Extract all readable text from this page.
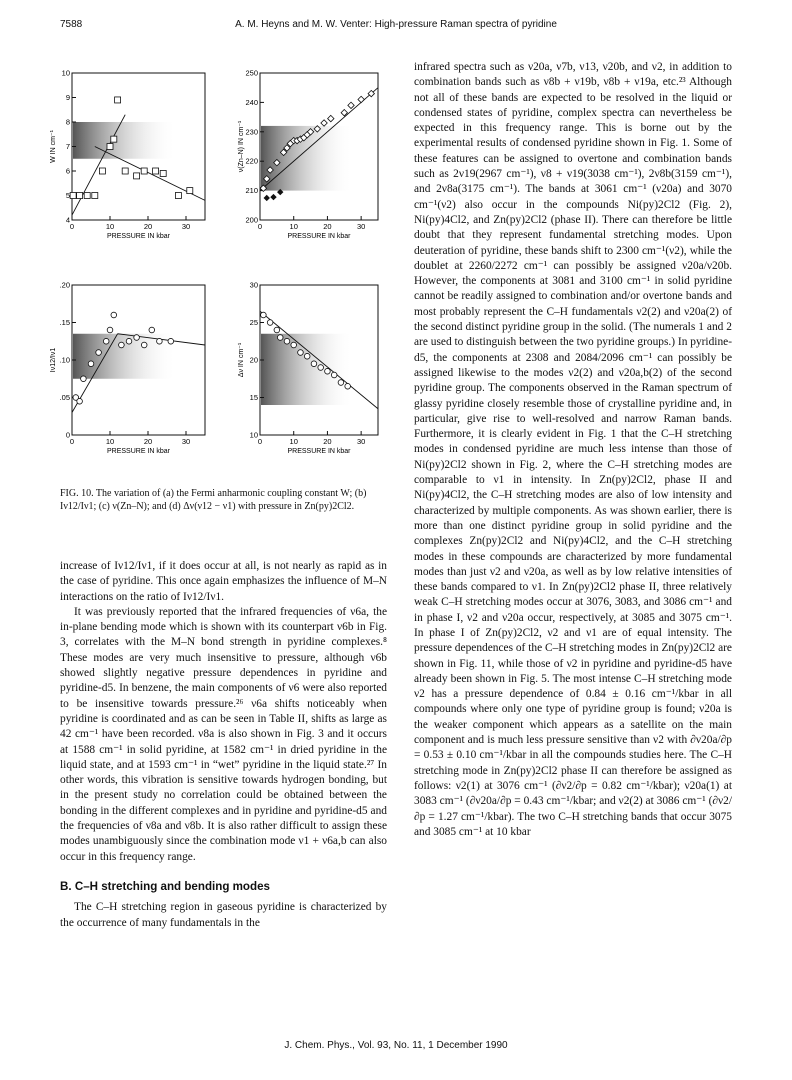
7588	A. M. Heyns and M. W. Venter: High-pressure Raman spectra of pyridine
0	10	20	30
4
5
6
7
8
9
10
PRESSURE IN kbar
W IN cm⁻¹
0	10	20	30
200
210
220
230
240
250
PRESSURE IN kbar
ν(Zn–N) IN cm⁻¹
0	10	20	30
0
.05
.10
.15
.20
PRESSURE IN kbar
Iν12/Iν1
0	10	20	30
10
15
20
25
30
PRESSURE IN kbar
Δν IN cm⁻¹

FIG. 10. The variation of (a) the Fermi anharmonic coupling constant W; (b) Iν12/Iν1; (c) ν(Zn–N); and (d) Δν(ν12 − ν1) with pressure in Zn(py)2Cl2.

increase of Iν12/Iν1, if it does occur at all, is not nearly as rapid as in the case of pyridine. This once again emphasizes the influence of M–N interactions on the ratio of Iν12/Iν1.

It was previously reported that the infrared frequencies of ν6a, the in-plane bending mode which is shown with its counterpart ν6b in Fig. 3, correlates with the M–N bond strength in pyridine complexes.⁸ These modes are very much insensitive to pressure, although ν6b showed slightly negative pressure dependences in pyridine and pyridine-d5. In benzene, the main components of ν6 were also reported to be insensitive towards pressure.²⁶ ν6a shifts noticeably when pyridine is coordinated and as can be seen in Table II, shifts as large as 42 cm⁻¹ have been recorded. ν8a is also shown in Fig. 3 and it occurs at 1588 cm⁻¹ in solid pyridine, at 1582 cm⁻¹ in dried pyridine in the liquid state, and at 1593 cm⁻¹ in “wet” pyridine in the liquid state.²⁷ In other words, this vibration is sensitive towards hydrogen bonding, but in the present study no correlation could be obtained between the bonding in the different complexes and in pyridine and pyridine-d5 and the frequencies of ν8a and ν8b. It is also rather difficult to assign these modes unambiguously since the combination mode ν1 + ν6a,b can also occur in this frequency range.

B. C–H stretching and bending modes

The C–H stretching region in gaseous pyridine is characterized by the occurrence of many fundamentals in the

infrared spectra such as ν20a, ν7b, ν13, ν20b, and ν2, in addition to combination bands such as ν8b + ν19b, ν8b + ν19a, etc.²³ Although not all of these bands are expected to be resolved in the liquid or condensed states of pyridine, complex spectra can nevertheless be expected in this frequency range. This is borne out by the experimental results of condensed pyridine shown in Fig. 1. Some of these features can be assigned to overtone and combination bands such as 2ν19(2967 cm⁻¹), ν8 + ν19(3038 cm⁻¹), 2ν8b(3159 cm⁻¹), and 2ν8a(3175 cm⁻¹). The bands at 3061 cm⁻¹ (ν20a) and 3070 cm⁻¹(ν2) also occur in the compounds Ni(py)2Cl2 (Fig. 2), Ni(py)4Cl2, and Zn(py)2Cl2 (phase II). There can therefore be little doubt that they represent fundamental stretching modes. Upon deuteration of pyridine, these bands shift to 2300 cm⁻¹(ν2), while the doublet at 2260/2272 cm⁻¹ can possibly be assigned ν20a/ν20b. However, the components at 3081 and 3100 cm⁻¹ in solid pyridine cannot be readily assigned to combination and/or overtone bands and most probably represent the C–H fundamentals ν2(2) and ν20a(2) of the second distinct pyridine group in the solid. (The numerals 1 and 2 are used to distinguish between the two pyridine groups.) In pyridine-d5, the components at 2308 and 2084/2096 cm⁻¹ can possibly be assigned likewise to the modes ν2(2) and ν20a,b(2) of the second pyridine group. The components observed in the Raman spectrum of glassy pyridine closely resemble those of crystalline pyridine and, in particular, give rise to well-resolved and narrow Raman bands. Furthermore, it is clearly evident in Fig. 1 that the C–H stretching modes in condensed pyridine are much less intense than those of Ni(py)2Cl2 shown in Fig. 2, where the C–H stretching modes are comparable to ν1 in intensity. In Zn(py)2Cl2, phase II and Ni(py)4Cl2, the C–H stretching modes are also of low intensity and characterized by multiple components. As was shown earlier, there is more than one distinct pyridine group in solid pyridine and the complexes Zn(py)2Cl2 and Ni(py)4Cl2, and the C–H stretching modes in these compounds are characterized by more fundamental modes than just ν2 and ν20a, as well as by low relative intensities of these bands compared to ν1. In Zn(py)2Cl2 phase II, three relatively weak C–H stretching modes occur at 3076, 3083, and 3086 cm⁻¹ and in phase I, ν2 and ν20a occur, respectively, at 3085 and 3075 cm⁻¹. In phase I of Zn(py)2Cl2, ν2 and ν1 are of equal intensity. The pressure dependences of the C–H stretching modes in Zn(py)2Cl2 are shown in Fig. 11, while those of ν2 in pyridine and pyridine-d5 have already been shown in Fig. 5. The most intense C–H stretching mode ν2 has a pressure dependence of 0.84 ± 0.16 cm⁻¹/kbar in all compounds where only one type of pyridine group is found; ν20a is the weaker component which appears as a satellite on the main component and is much less pressure sensitive than ν2 with ∂ν20a/∂p = 0.53 ± 0.10 cm⁻¹/kbar in all the compounds studies here. The C–H stretching mode in Zn(py)2Cl2 phase II can therefore be assigned as follows: ν2(1) at 3076 cm⁻¹ (∂ν2/∂p = 0.82 cm⁻¹/kbar); ν20a(1) at 3083 cm⁻¹ (∂ν20a/∂p = 0.43 cm⁻¹/kbar; and ν2(2) at 3086 cm⁻¹ (∂ν2/∂p = 1.27 cm⁻¹/kbar). The two C–H stretching bands that occur 3075 and 3085 cm⁻¹ at 10 kbar

J. Chem. Phys., Vol. 93, No. 11, 1 December 1990
